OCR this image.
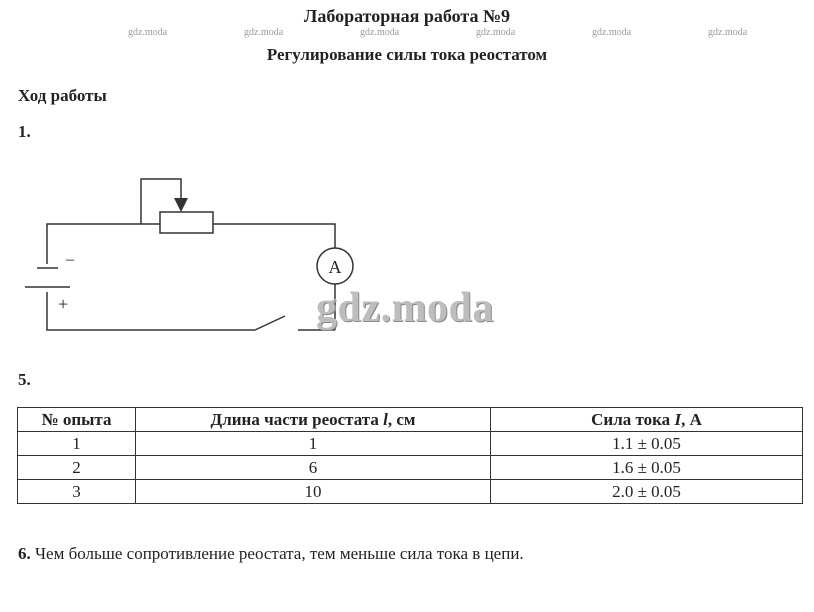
Лабораторная работа №9
gdz.moda	gdz.moda	gdz.moda	gdz.moda	gdz.moda	gdz.moda
Регулирование силы тока реостатом
Ход работы
1.
A
–
+	gdz.moda
5.
№ опыта	Длина части реостата l, см	Сила тока I, А
1	1	1.1 ± 0.05
2	6	1.6 ± 0.05
3	10	2.0 ± 0.05
6. Чем больше сопротивление реостата, тем меньше сила тока в цепи.
